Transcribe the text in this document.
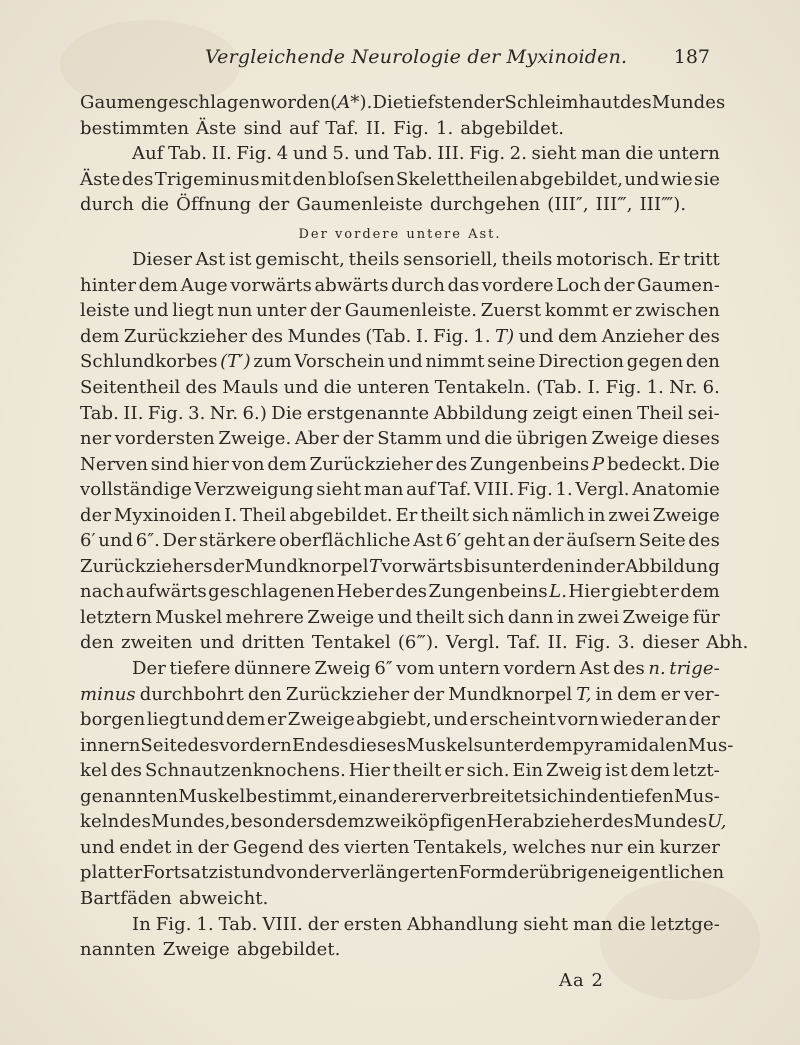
Vergleichende Neurologie der Myxinoiden. 187
Gaumen geschlagen worden (A*). Die tiefsten der Schleimhaut des Mundes
bestimmten Äste sind auf Taf. II. Fig. 1. abgebildet.
Auf Tab. II. Fig. 4 und 5. und Tab. III. Fig. 2. sieht man die untern
Äste des Trigeminus mit den bloſsen Skelettheilen abgebildet, und wie sie
durch die Öffnung der Gaumenleiste durchgehen (III″, III‴, III⁗).
Der vordere untere Ast.
Dieser Ast ist gemischt, theils sensoriell, theils motorisch. Er tritt
hinter dem Auge vorwärts abwärts durch das vordere Loch der Gaumen-
leiste und liegt nun unter der Gaumenleiste. Zuerst kommt er zwischen
dem Zurückzieher des Mundes (Tab. I. Fig. 1. T) und dem Anzieher des
Schlundkorbes (T′) zum Vorschein und nimmt seine Direction gegen den
Seitentheil des Mauls und die unteren Tentakeln. (Tab. I. Fig. 1. Nr. 6.
Tab. II. Fig. 3. Nr. 6.) Die erstgenannte Abbildung zeigt einen Theil sei-
ner vordersten Zweige. Aber der Stamm und die übrigen Zweige dieses
Nerven sind hier von dem Zurückzieher des Zungenbeins P bedeckt. Die
vollständige Verzweigung sieht man auf Taf. VIII. Fig. 1. Vergl. Anatomie
der Myxinoiden I. Theil abgebildet. Er theilt sich nämlich in zwei Zweige
6′ und 6″. Der stärkere oberflächliche Ast 6′ geht an der äuſsern Seite des
Zurückziehers der Mundknorpel T vorwärts bis unter den in der Abbildung
nach aufwärts geschlagenen Heber des Zungenbeins L. Hier giebt er dem
letztern Muskel mehrere Zweige und theilt sich dann in zwei Zweige für
den zweiten und dritten Tentakel (6‴). Vergl. Taf. II. Fig. 3. dieser Abh.
Der tiefere dünnere Zweig 6″ vom untern vordern Ast des n. trige-
minus durchbohrt den Zurückzieher der Mundknorpel T, in dem er ver-
borgen liegt und dem er Zweige abgiebt, und erscheint vorn wieder an der
innern Seite des vordern Endes dieses Muskels unter dem pyramidalen Mus-
kel des Schnautzenknochens. Hier theilt er sich. Ein Zweig ist dem letzt-
genannten Muskel bestimmt, ein anderer verbreitet sich in den tiefen Mus-
keln des Mundes, besonders dem zweiköpfigen Herabzieher des Mundes U,
und endet in der Gegend des vierten Tentakels, welches nur ein kurzer
platter Fortsatz ist und von der verlängerten Form der übrigen eigentlichen
Bartfäden abweicht.
In Fig. 1. Tab. VIII. der ersten Abhandlung sieht man die letztge-
nannten Zweige abgebildet.
Aa 2
